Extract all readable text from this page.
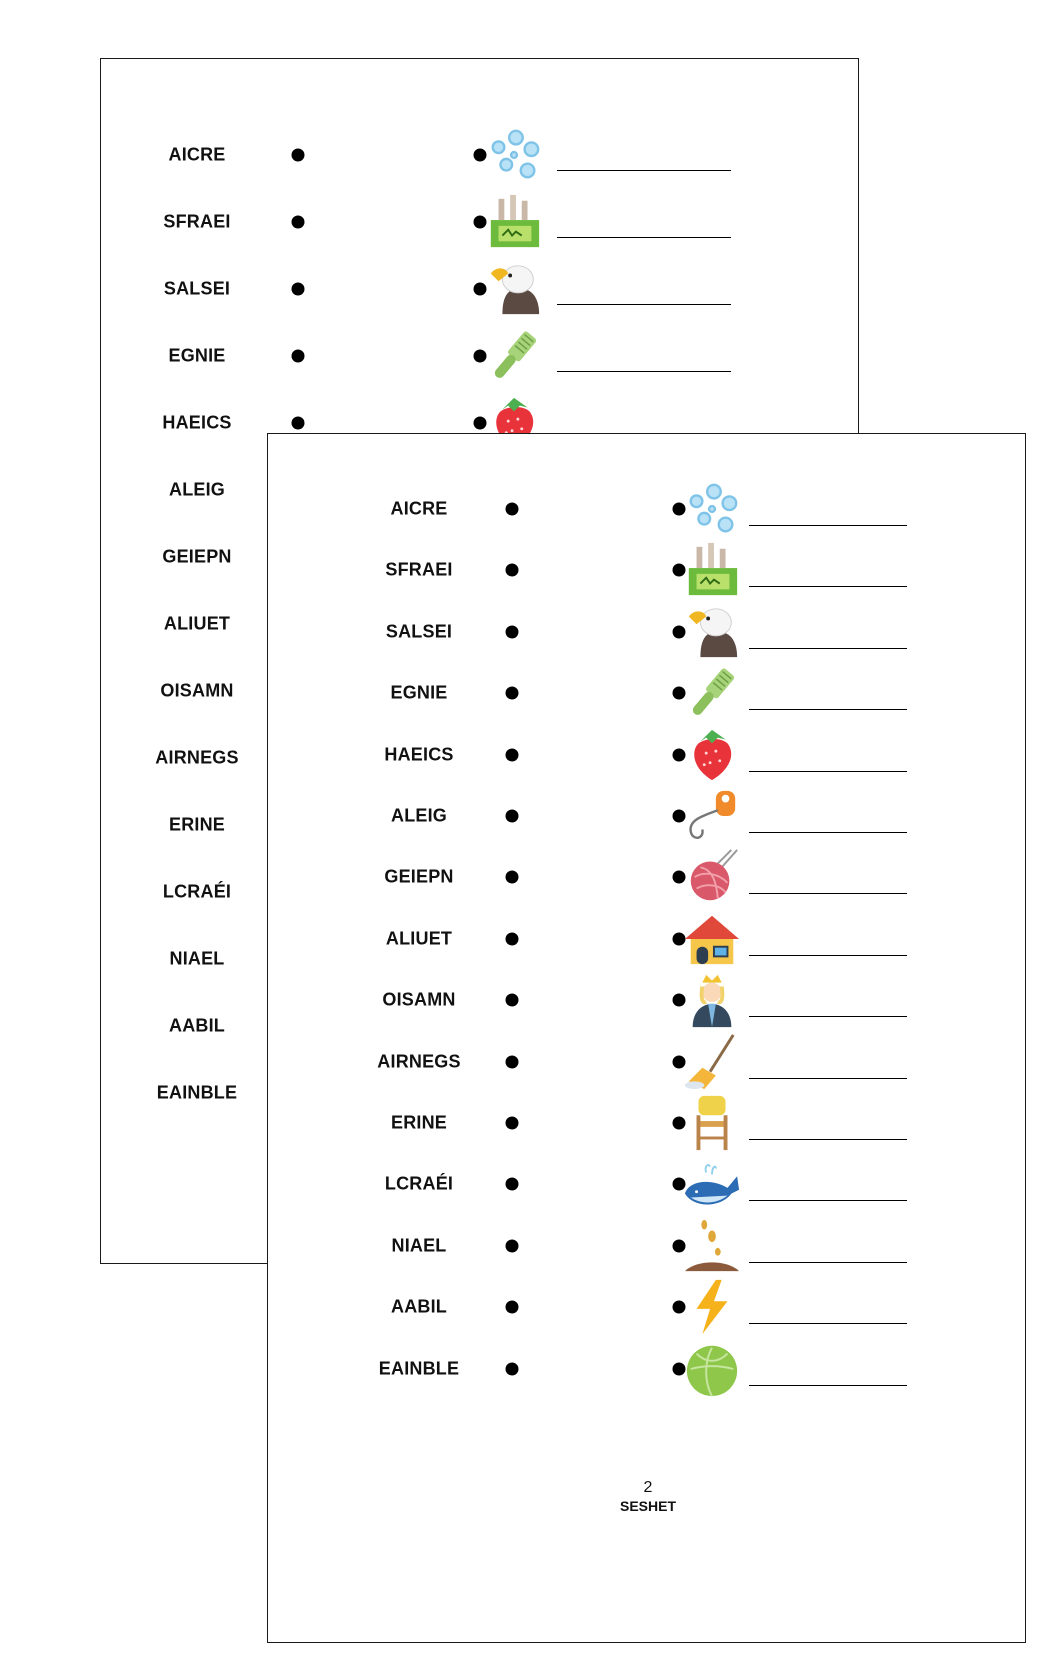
AICRE
SFRAEI
SALSEI
EGNIE
HAEICS
ALEIG
GEIEPN
ALIUET
OISAMN
AIRNEGS
ERINE
LCRAÉI
NIAEL
AABIL
EAINBLE
2
SESHET
AICRE
SFRAEI
SALSEI
EGNIE
HAEICS
ALEIG
GEIEPN
ALIUET
OISAMN
AIRNEGS
ERINE
LCRAÉI
NIAEL
AABIL
EAINBLE
